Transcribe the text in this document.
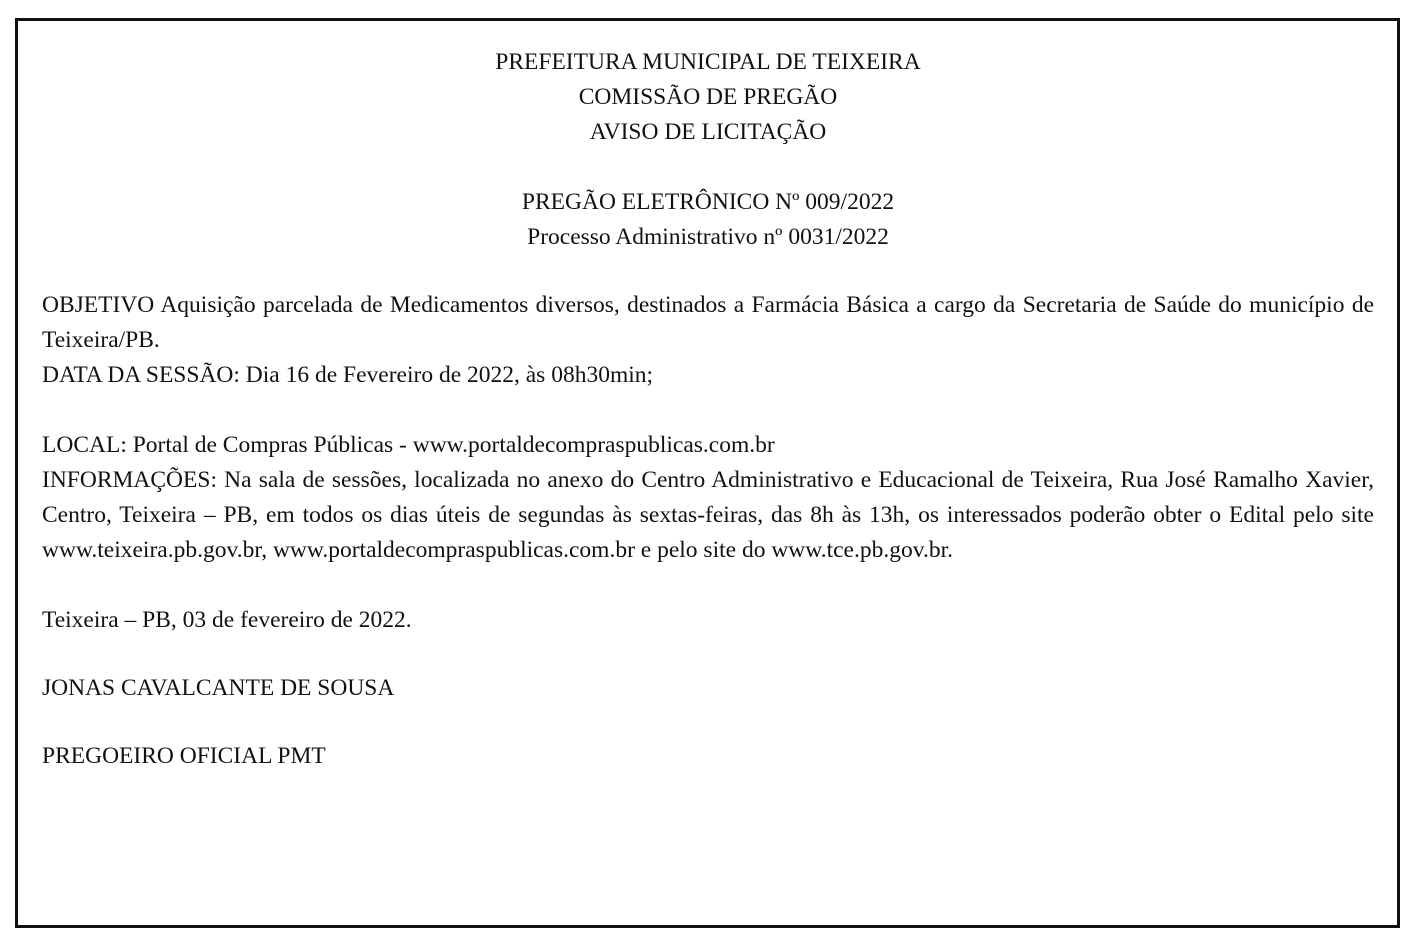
PREFEITURA MUNICIPAL DE TEIXEIRA

COMISSÃO DE PREGÃO

AVISO DE LICITAÇÃO

PREGÃO ELETRÔNICO Nº 009/2022

Processo Administrativo nº 0031/2022

OBJETIVO Aquisição parcelada de Medicamentos diversos, destinados a Farmácia Básica a cargo da Secretaria de Saúde do município de Teixeira/PB.

DATA DA SESSÃO: Dia 16 de Fevereiro de 2022, às 08h30min;

LOCAL: Portal de Compras Públicas - www.portaldecompraspublicas.com.br

INFORMAÇÕES: Na sala de sessões, localizada no anexo do Centro Administrativo e Educacional de Teixeira, Rua José Ramalho Xavier, Centro, Teixeira – PB, em todos os dias úteis de segundas às sextas-feiras, das 8h às 13h, os interessados poderão obter o Edital pelo site www.teixeira.pb.gov.br, www.portaldecompraspublicas.com.br e pelo site do www.tce.pb.gov.br.

Teixeira – PB, 03 de fevereiro de 2022.

JONAS CAVALCANTE DE SOUSA

PREGOEIRO OFICIAL PMT
